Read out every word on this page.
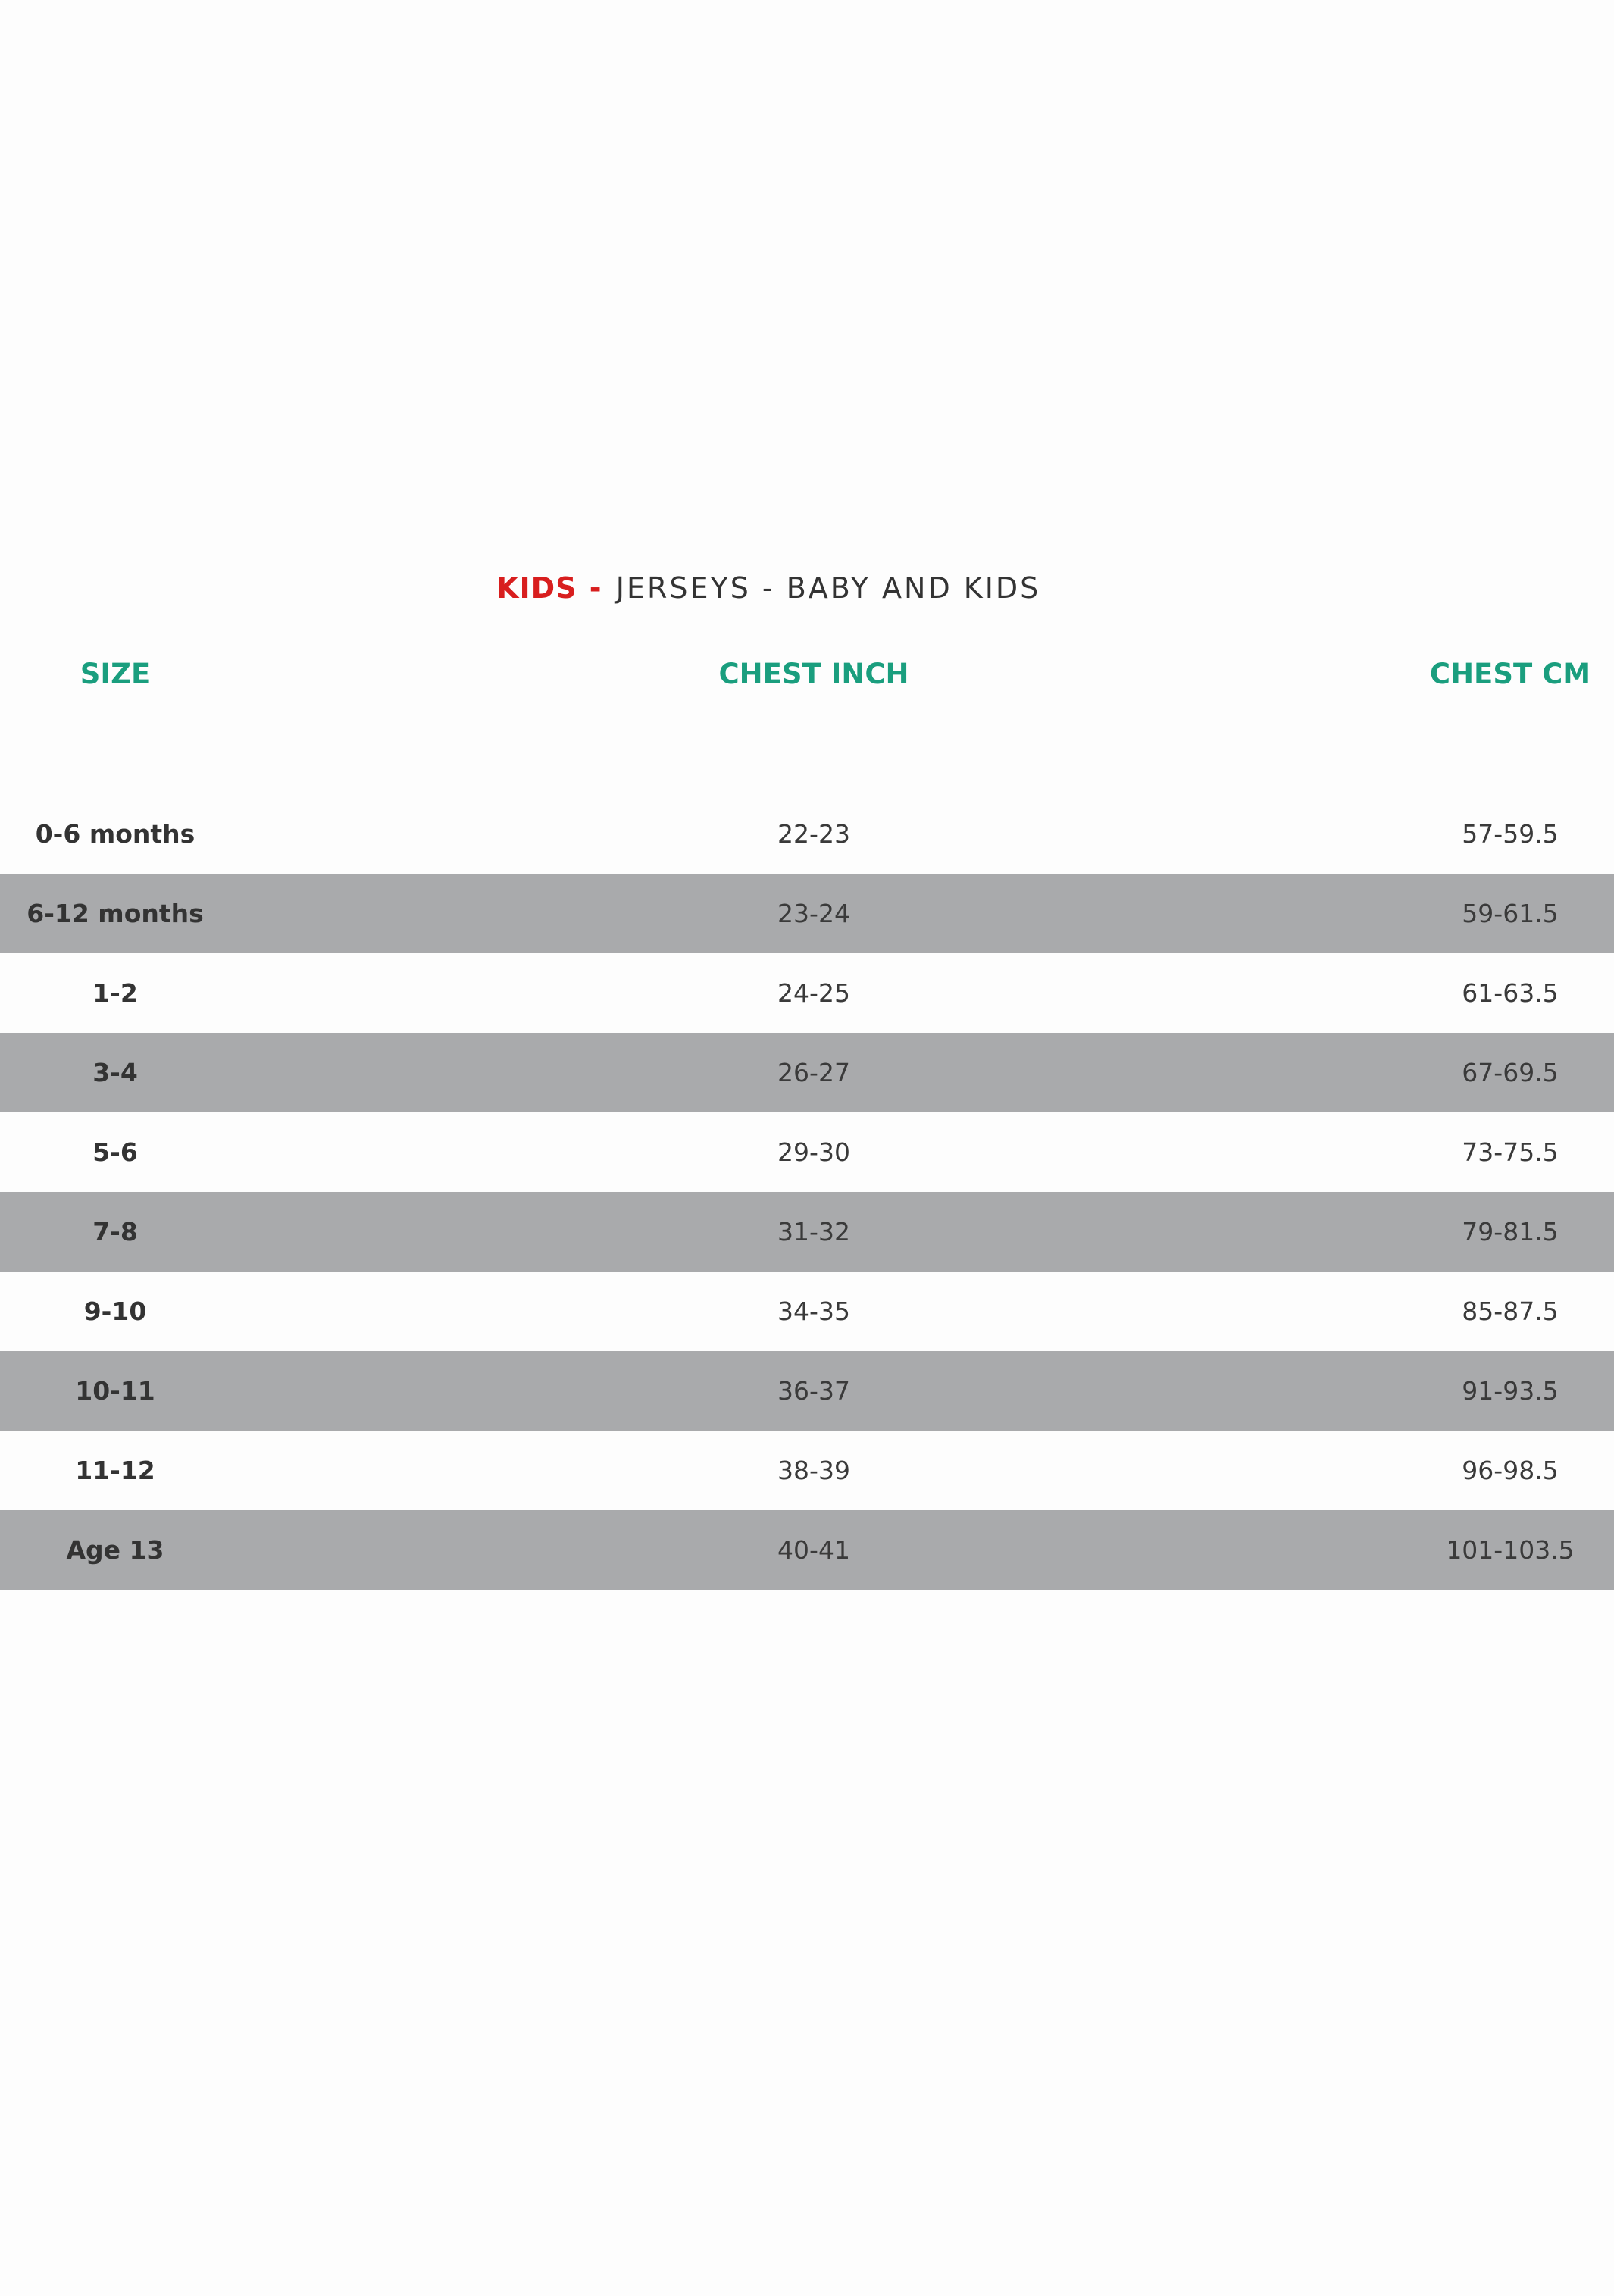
KIDS - JERSEYS - BABY AND KIDS
SIZE	CHEST INCH	CHEST CM
0-6 months	22-23	57-59.5
6-12 months	23-24	59-61.5
1-2	24-25	61-63.5
3-4	26-27	67-69.5
5-6	29-30	73-75.5
7-8	31-32	79-81.5
9-10	34-35	85-87.5
10-11	36-37	91-93.5
11-12	38-39	96-98.5
Age 13	40-41	101-103.5
